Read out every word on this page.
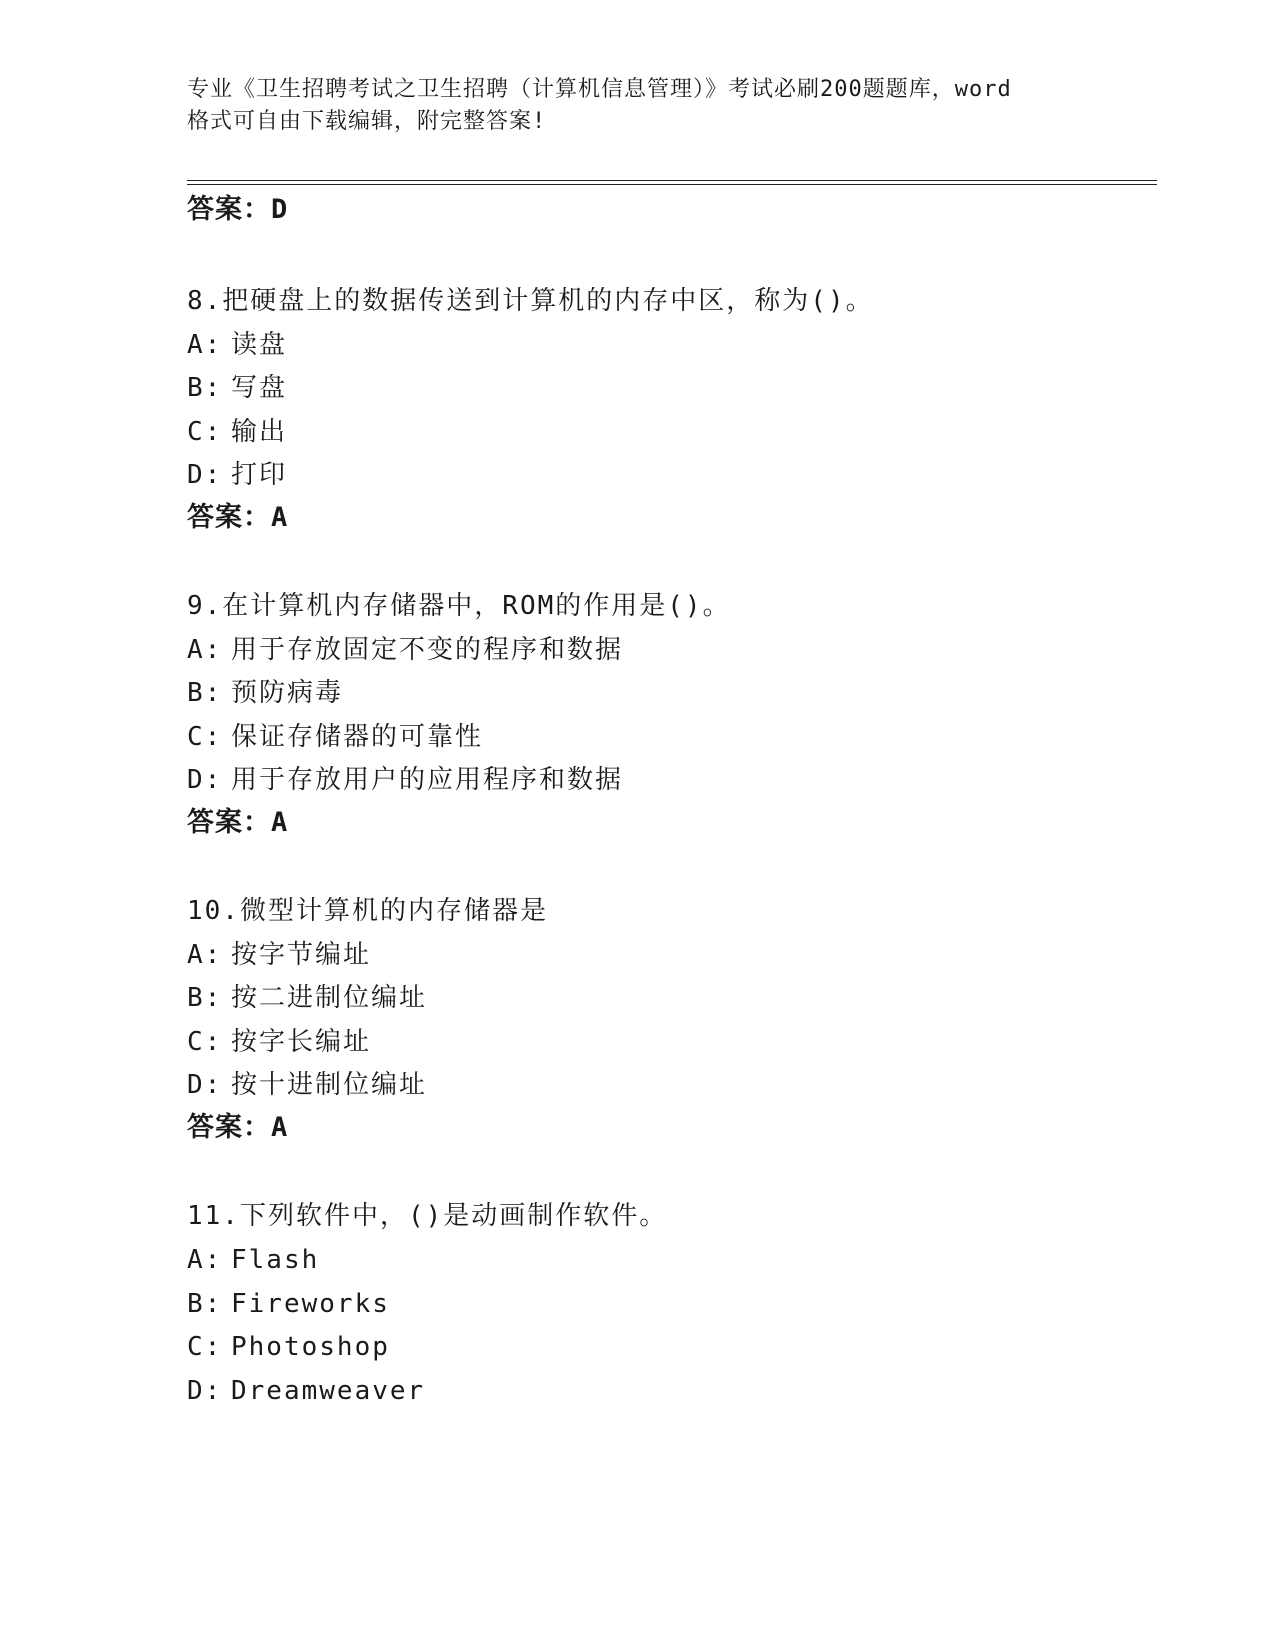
专业《卫生招聘考试之卫生招聘（计算机信息管理）》考试必刷200题题库，word

格式可自由下载编辑，附完整答案!

答案：D
8.把硬盘上的数据传送到计算机的内存中区，称为()。
A: 读盘
B: 写盘
C: 输出
D: 打印
答案：A
9.在计算机内存储器中，ROM的作用是()。
A: 用于存放固定不变的程序和数据
B: 预防病毒
C: 保证存储器的可靠性
D: 用于存放用户的应用程序和数据
答案：A
10.微型计算机的内存储器是
A: 按字节编址
B: 按二进制位编址
C: 按字长编址
D: 按十进制位编址
答案：A
11.下列软件中，()是动画制作软件。
A: Flash
B: Fireworks
C: Photoshop
D: Dreamweaver
